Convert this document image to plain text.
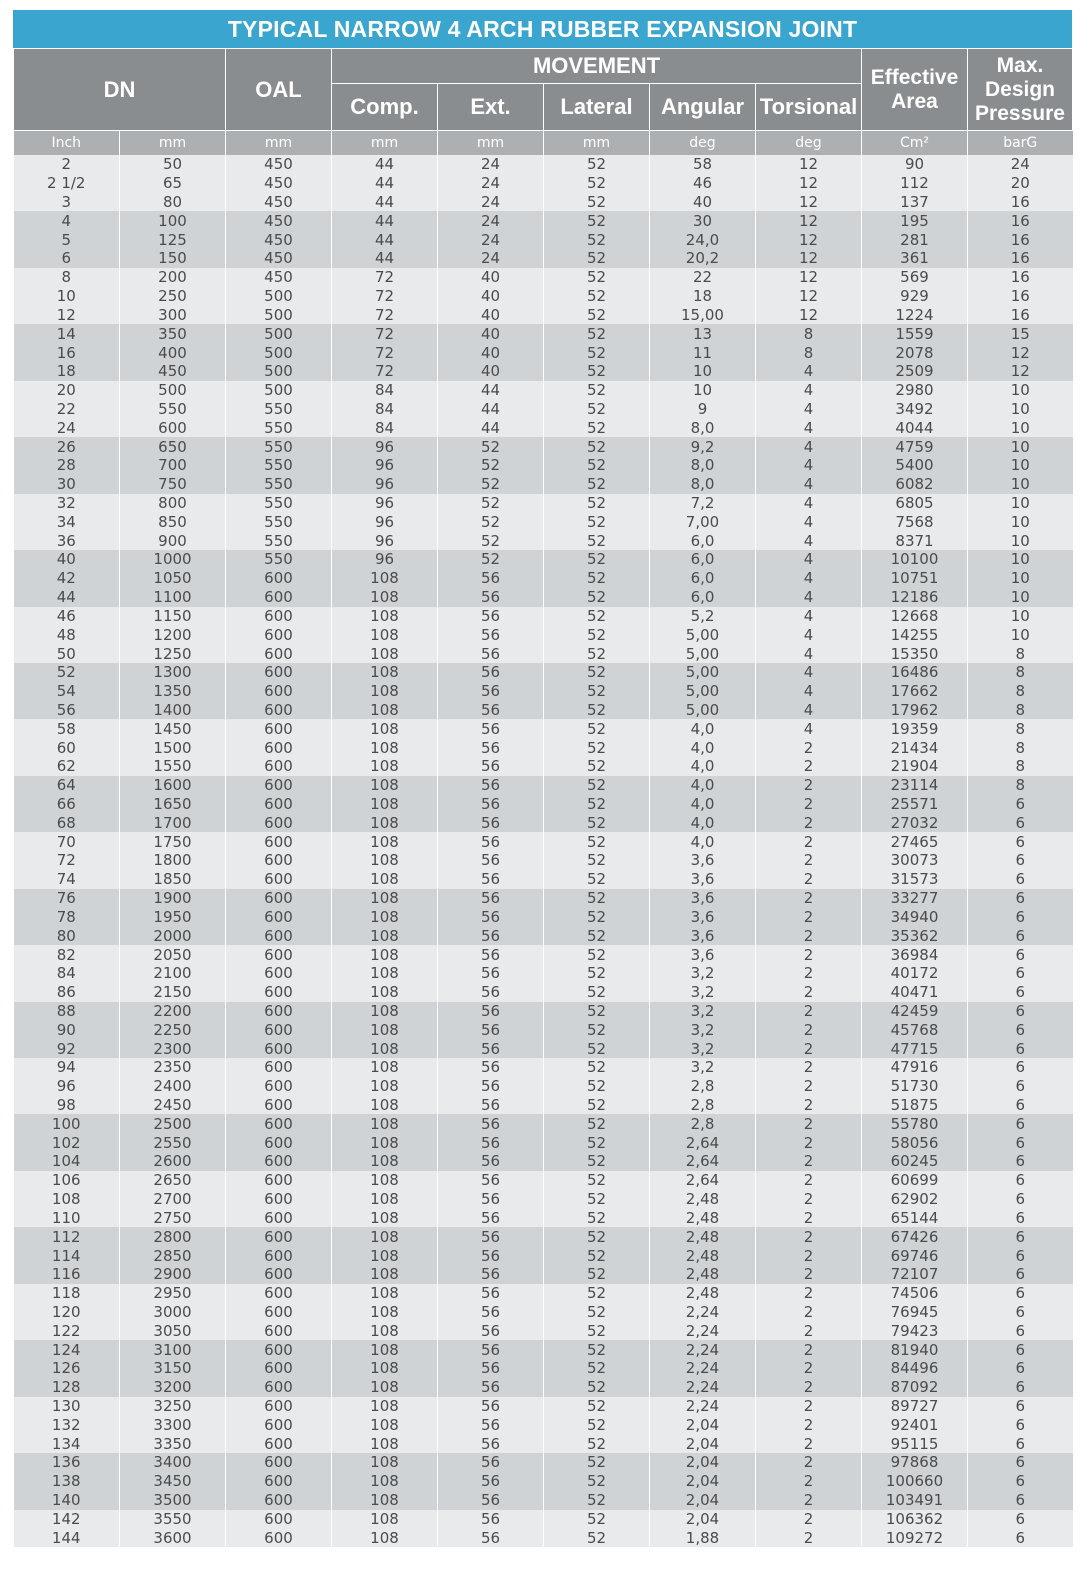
TYPICAL NARROW 4 ARCH RUBBER EXPANSION JOINT
DN		OAL	MOVEMENT					Effective Area	Max. Design Pressure
			Comp.	Ext.	Lateral	Angular	Torsional		
Inch	mm	mm	mm	mm	mm	deg	deg	Cm²	barG
2	50	450	44	24	52	58	12	90	24
2 1/2	65	450	44	24	52	46	12	112	20
3	80	450	44	24	52	40	12	137	16
4	100	450	44	24	52	30	12	195	16
5	125	450	44	24	52	24,0	12	281	16
6	150	450	44	24	52	20,2	12	361	16
8	200	450	72	40	52	22	12	569	16
10	250	500	72	40	52	18	12	929	16
12	300	500	72	40	52	15,00	12	1224	16
14	350	500	72	40	52	13	8	1559	15
16	400	500	72	40	52	11	8	2078	12
18	450	500	72	40	52	10	4	2509	12
20	500	500	84	44	52	10	4	2980	10
22	550	550	84	44	52	9	4	3492	10
24	600	550	84	44	52	8,0	4	4044	10
26	650	550	96	52	52	9,2	4	4759	10
28	700	550	96	52	52	8,0	4	5400	10
30	750	550	96	52	52	8,0	4	6082	10
32	800	550	96	52	52	7,2	4	6805	10
34	850	550	96	52	52	7,00	4	7568	10
36	900	550	96	52	52	6,0	4	8371	10
40	1000	550	96	52	52	6,0	4	10100	10
42	1050	600	108	56	52	6,0	4	10751	10
44	1100	600	108	56	52	6,0	4	12186	10
46	1150	600	108	56	52	5,2	4	12668	10
48	1200	600	108	56	52	5,00	4	14255	10
50	1250	600	108	56	52	5,00	4	15350	8
52	1300	600	108	56	52	5,00	4	16486	8
54	1350	600	108	56	52	5,00	4	17662	8
56	1400	600	108	56	52	5,00	4	17962	8
58	1450	600	108	56	52	4,0	4	19359	8
60	1500	600	108	56	52	4,0	2	21434	8
62	1550	600	108	56	52	4,0	2	21904	8
64	1600	600	108	56	52	4,0	2	23114	8
66	1650	600	108	56	52	4,0	2	25571	6
68	1700	600	108	56	52	4,0	2	27032	6
70	1750	600	108	56	52	4,0	2	27465	6
72	1800	600	108	56	52	3,6	2	30073	6
74	1850	600	108	56	52	3,6	2	31573	6
76	1900	600	108	56	52	3,6	2	33277	6
78	1950	600	108	56	52	3,6	2	34940	6
80	2000	600	108	56	52	3,6	2	35362	6
82	2050	600	108	56	52	3,6	2	36984	6
84	2100	600	108	56	52	3,2	2	40172	6
86	2150	600	108	56	52	3,2	2	40471	6
88	2200	600	108	56	52	3,2	2	42459	6
90	2250	600	108	56	52	3,2	2	45768	6
92	2300	600	108	56	52	3,2	2	47715	6
94	2350	600	108	56	52	3,2	2	47916	6
96	2400	600	108	56	52	2,8	2	51730	6
98	2450	600	108	56	52	2,8	2	51875	6
100	2500	600	108	56	52	2,8	2	55780	6
102	2550	600	108	56	52	2,64	2	58056	6
104	2600	600	108	56	52	2,64	2	60245	6
106	2650	600	108	56	52	2,64	2	60699	6
108	2700	600	108	56	52	2,48	2	62902	6
110	2750	600	108	56	52	2,48	2	65144	6
112	2800	600	108	56	52	2,48	2	67426	6
114	2850	600	108	56	52	2,48	2	69746	6
116	2900	600	108	56	52	2,48	2	72107	6
118	2950	600	108	56	52	2,48	2	74506	6
120	3000	600	108	56	52	2,24	2	76945	6
122	3050	600	108	56	52	2,24	2	79423	6
124	3100	600	108	56	52	2,24	2	81940	6
126	3150	600	108	56	52	2,24	2	84496	6
128	3200	600	108	56	52	2,24	2	87092	6
130	3250	600	108	56	52	2,24	2	89727	6
132	3300	600	108	56	52	2,04	2	92401	6
134	3350	600	108	56	52	2,04	2	95115	6
136	3400	600	108	56	52	2,04	2	97868	6
138	3450	600	108	56	52	2,04	2	100660	6
140	3500	600	108	56	52	2,04	2	103491	6
142	3550	600	108	56	52	2,04	2	106362	6
144	3600	600	108	56	52	1,88	2	109272	6
